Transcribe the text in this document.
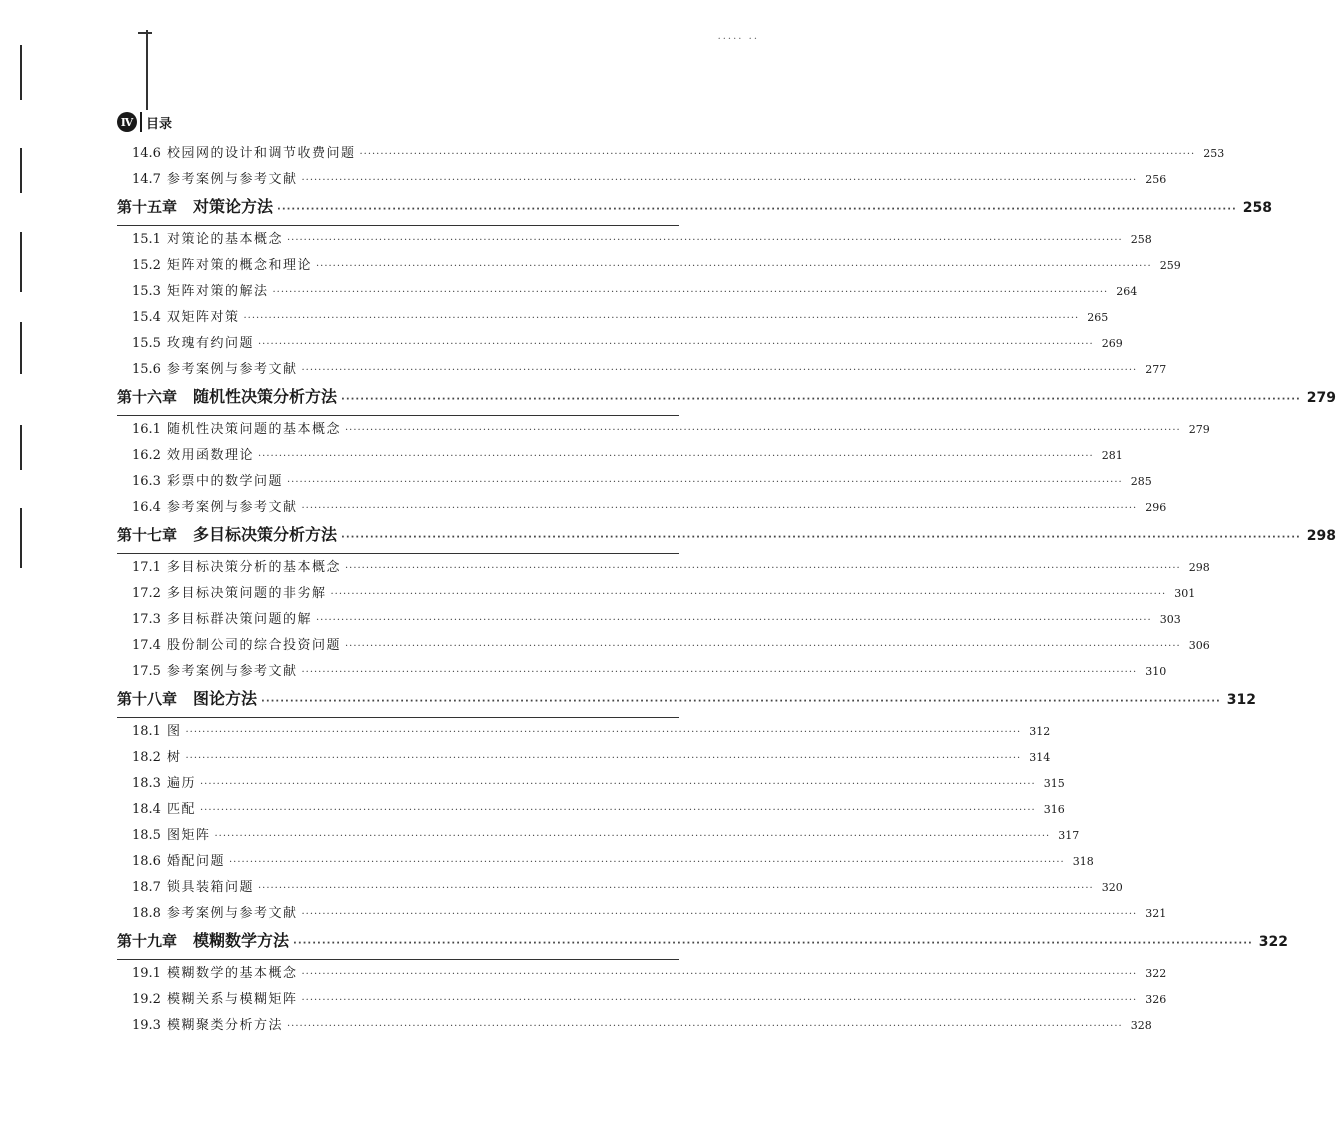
····· ··
Ⅳ 目录
14.6 校园网的设计和调节收费问题 ········································································································································································································ 253
14.7 参考案例与参考文献 ········································································································································································································ 256
第十五章 对策论方法 ········································································································································································································ 258
15.1 对策论的基本概念 ········································································································································································································ 258
15.2 矩阵对策的概念和理论 ········································································································································································································ 259
15.3 矩阵对策的解法 ········································································································································································································ 264
15.4 双矩阵对策 ········································································································································································································ 265
15.5 玫瑰有约问题 ········································································································································································································ 269
15.6 参考案例与参考文献 ········································································································································································································ 277
第十六章 随机性决策分析方法 ········································································································································································································ 279
16.1 随机性决策问题的基本概念 ········································································································································································································ 279
16.2 效用函数理论 ········································································································································································································ 281
16.3 彩票中的数学问题 ········································································································································································································ 285
16.4 参考案例与参考文献 ········································································································································································································ 296
第十七章 多目标决策分析方法 ········································································································································································································ 298
17.1 多目标决策分析的基本概念 ········································································································································································································ 298
17.2 多目标决策问题的非劣解 ········································································································································································································ 301
17.3 多目标群决策问题的解 ········································································································································································································ 303
17.4 股份制公司的综合投资问题 ········································································································································································································ 306
17.5 参考案例与参考文献 ········································································································································································································ 310
第十八章 图论方法 ········································································································································································································ 312
18.1 图 ········································································································································································································ 312
18.2 树 ········································································································································································································ 314
18.3 遍历 ········································································································································································································ 315
18.4 匹配 ········································································································································································································ 316
18.5 图矩阵 ········································································································································································································ 317
18.6 婚配问题 ········································································································································································································ 318
18.7 锁具装箱问题 ········································································································································································································ 320
18.8 参考案例与参考文献 ········································································································································································································ 321
第十九章 模糊数学方法 ········································································································································································································ 322
19.1 模糊数学的基本概念 ········································································································································································································ 322
19.2 模糊关系与模糊矩阵 ········································································································································································································ 326
19.3 模糊聚类分析方法 ········································································································································································································ 328
